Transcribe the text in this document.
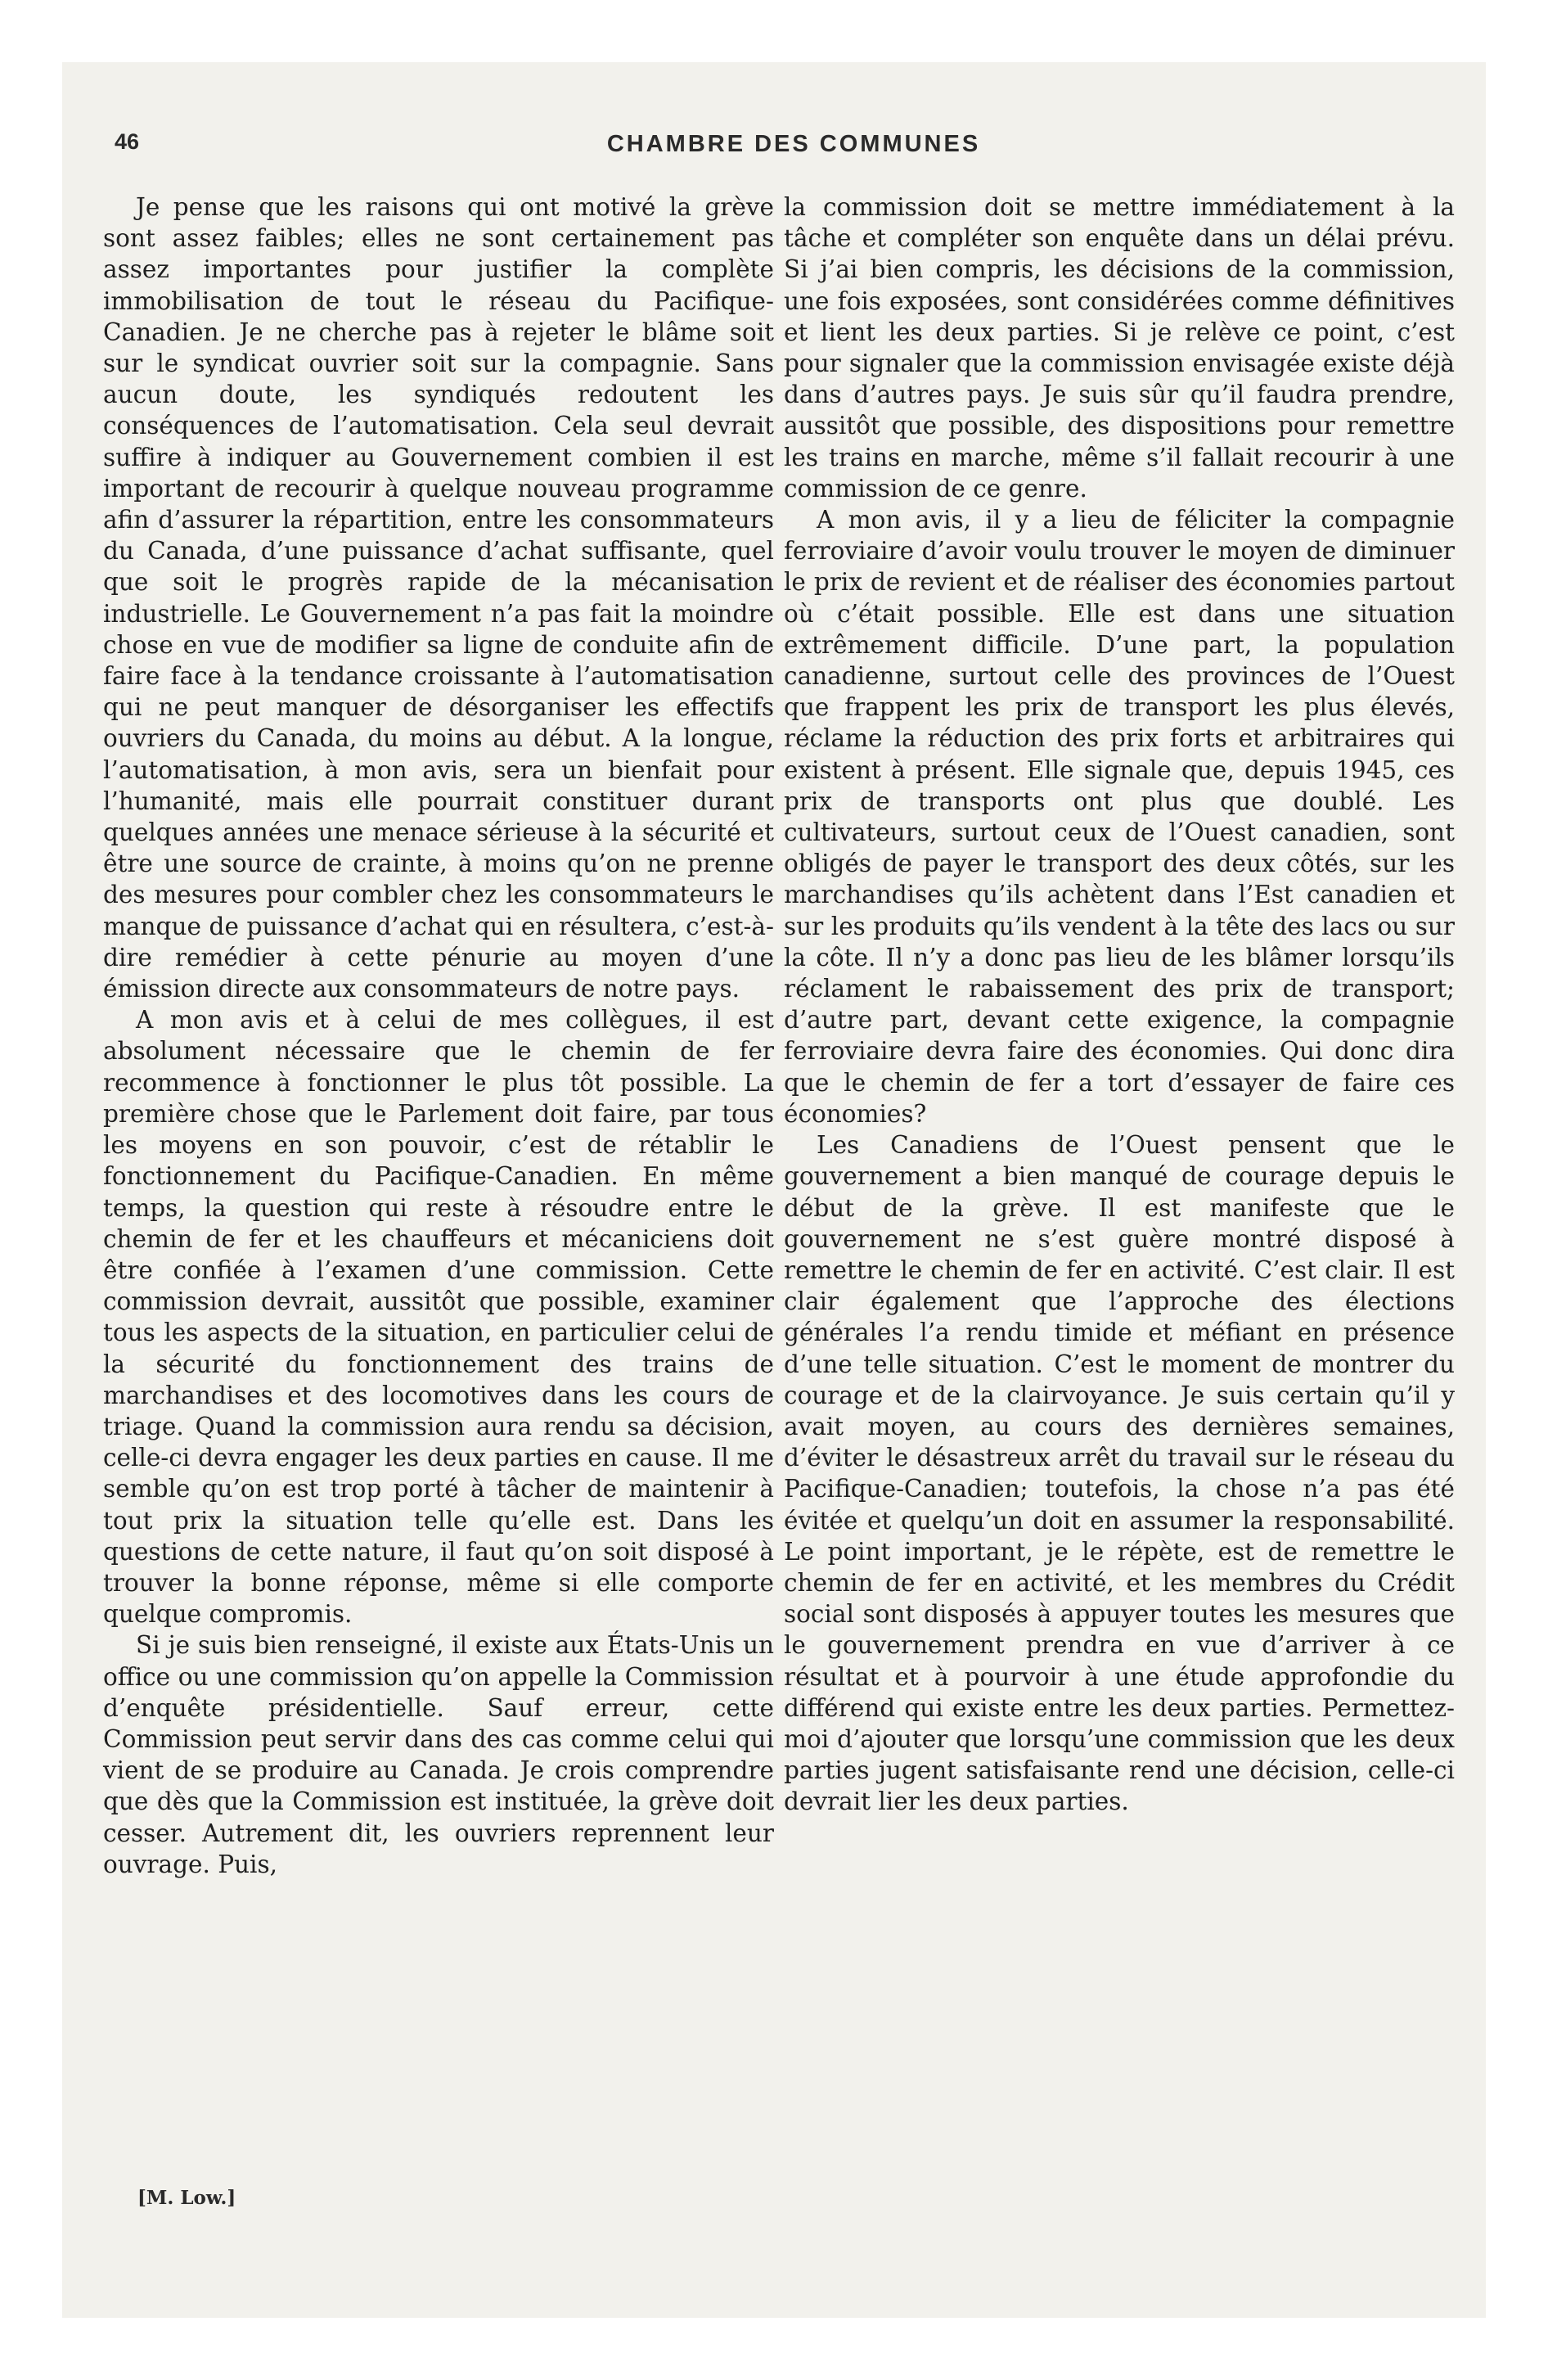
46	CHAMBRE DES COMMUNES

Je pense que les raisons qui ont motivé la grève sont assez faibles; elles ne sont certainement pas assez importantes pour justifier la complète immobilisation de tout le réseau du Pacifique-Canadien. Je ne cherche pas à rejeter le blâme soit sur le syndicat ouvrier soit sur la compagnie. Sans aucun doute, les syndiqués redoutent les conséquences de l’automatisation. Cela seul devrait suffire à indiquer au Gouvernement combien il est important de recourir à quelque nouveau programme afin d’assurer la répartition, entre les consommateurs du Canada, d’une puissance d’achat suffisante, quel que soit le progrès rapide de la mécanisation industrielle. Le Gouvernement n’a pas fait la moindre chose en vue de modifier sa ligne de conduite afin de faire face à la tendance croissante à l’automatisation qui ne peut manquer de désorganiser les effectifs ouvriers du Canada, du moins au début. A la longue, l’automatisation, à mon avis, sera un bienfait pour l’humanité, mais elle pourrait constituer durant quelques années une menace sérieuse à la sécurité et être une source de crainte, à moins qu’on ne prenne des mesures pour combler chez les consommateurs le manque de puissance d’achat qui en résultera, c’est-à-dire remédier à cette pénurie au moyen d’une émission directe aux consommateurs de notre pays.

A mon avis et à celui de mes collègues, il est absolument nécessaire que le chemin de fer recommence à fonctionner le plus tôt possible. La première chose que le Parlement doit faire, par tous les moyens en son pouvoir, c’est de rétablir le fonctionnement du Pacifique-Canadien. En même temps, la question qui reste à résoudre entre le chemin de fer et les chauffeurs et mécaniciens doit être confiée à l’examen d’une commission. Cette commission devrait, aussitôt que possible, examiner tous les aspects de la situation, en particulier celui de la sécurité du fonctionnement des trains de marchandises et des locomotives dans les cours de triage. Quand la commission aura rendu sa décision, celle-ci devra engager les deux parties en cause. Il me semble qu’on est trop porté à tâcher de maintenir à tout prix la situation telle qu’elle est. Dans les questions de cette nature, il faut qu’on soit disposé à trouver la bonne réponse, même si elle comporte quelque compromis.

Si je suis bien renseigné, il existe aux États-Unis un office ou une commission qu’on appelle la Commission d’enquête présidentielle. Sauf erreur, cette Commission peut servir dans des cas comme celui qui vient de se produire au Canada. Je crois comprendre que dès que la Commission est instituée, la grève doit cesser. Autrement dit, les ouvriers reprennent leur ouvrage. Puis,

la commission doit se mettre immédiatement à la tâche et compléter son enquête dans un délai prévu. Si j’ai bien compris, les décisions de la commission, une fois exposées, sont considérées comme définitives et lient les deux parties. Si je relève ce point, c’est pour signaler que la commission envisagée existe déjà dans d’autres pays. Je suis sûr qu’il faudra prendre, aussitôt que possible, des dispositions pour remettre les trains en marche, même s’il fallait recourir à une commission de ce genre.

A mon avis, il y a lieu de féliciter la compagnie ferroviaire d’avoir voulu trouver le moyen de diminuer le prix de revient et de réaliser des économies partout où c’était possible. Elle est dans une situation extrêmement difficile. D’une part, la population canadienne, surtout celle des provinces de l’Ouest que frappent les prix de transport les plus élevés, réclame la réduction des prix forts et arbitraires qui existent à présent. Elle signale que, depuis 1945, ces prix de transports ont plus que doublé. Les cultivateurs, surtout ceux de l’Ouest canadien, sont obligés de payer le transport des deux côtés, sur les marchandises qu’ils achètent dans l’Est canadien et sur les produits qu’ils vendent à la tête des lacs ou sur la côte. Il n’y a donc pas lieu de les blâmer lorsqu’ils réclament le rabaissement des prix de transport; d’autre part, devant cette exigence, la compagnie ferroviaire devra faire des économies. Qui donc dira que le chemin de fer a tort d’essayer de faire ces économies?

Les Canadiens de l’Ouest pensent que le gouvernement a bien manqué de courage depuis le début de la grève. Il est manifeste que le gouvernement ne s’est guère montré disposé à remettre le chemin de fer en activité. C’est clair. Il est clair également que l’approche des élections générales l’a rendu timide et méfiant en présence d’une telle situation. C’est le moment de montrer du courage et de la clairvoyance. Je suis certain qu’il y avait moyen, au cours des dernières semaines, d’éviter le désastreux arrêt du travail sur le réseau du Pacifique-Canadien; toutefois, la chose n’a pas été évitée et quelqu’un doit en assumer la responsabilité. Le point important, je le répète, est de remettre le chemin de fer en activité, et les membres du Crédit social sont disposés à appuyer toutes les mesures que le gouvernement prendra en vue d’arriver à ce résultat et à pourvoir à une étude approfondie du différend qui existe entre les deux parties. Permettez-moi d’ajouter que lorsqu’une commission que les deux parties jugent satisfaisante rend une décision, celle-ci devrait lier les deux parties.

[M. Low.]
